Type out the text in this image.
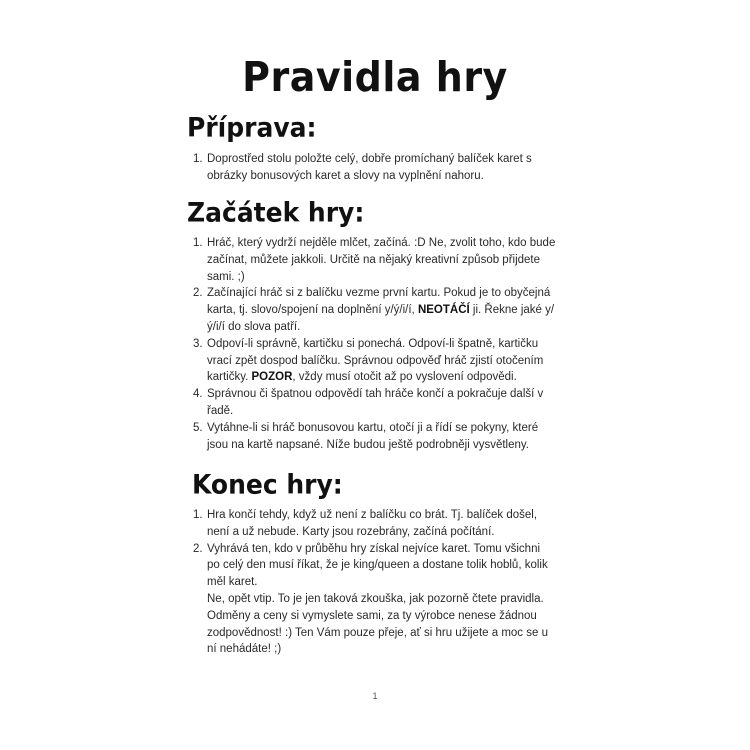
Pravidla hry
Příprava:
1. Doprostřed stolu položte celý, dobře promíchaný balíček karet s
obrázky bonusových karet a slovy na vyplnění nahoru.
Začátek hry:
1. Hráč, který vydrží nejděle mlčet, začíná. :D Ne, zvolit toho, kdo bude
začínat, můžete jakkoli. Určitě na nějaký kreativní způsob přijdete
sami. ;)
2. Začínající hráč si z balíčku vezme první kartu. Pokud je to obyčejná
karta, tj. slovo/spojení na doplnění y/ý/i/í, NEOTÁČÍ ji. Řekne jaké y/
ý/i/í do slova patří.
3. Odpoví-li správně, kartičku si ponechá. Odpoví-li špatně, kartičku
vrací zpět dospod balíčku. Správnou odpověď hráč zjistí otočením
kartičky. POZOR, vždy musí otočit až po vyslovení odpovědi.
4. Správnou či špatnou odpovědí tah hráče končí a pokračuje další v
řadě.
5. Vytáhne-li si hráč bonusovou kartu, otočí ji a řídí se pokyny, které
jsou na kartě napsané. Níže budou ještě podrobněji vysvětleny.
Konec hry:
1. Hra končí tehdy, když už není z balíčku co brát. Tj. balíček došel,
není a už nebude. Karty jsou rozebrány, začíná počítání.
2. Vyhrává ten, kdo v průběhu hry získal nejvíce karet. Tomu všichni
po celý den musí říkat, že je king/queen a dostane tolik hoblů, kolik
měl karet.
Ne, opět vtip. To je jen taková zkouška, jak pozorně čtete pravidla.
Odměny a ceny si vymyslete sami, za ty výrobce nenese žádnou
zodpovědnost! :) Ten Vám pouze přeje, ať si hru užijete a moc se u
ní nehádáte! ;)
1
